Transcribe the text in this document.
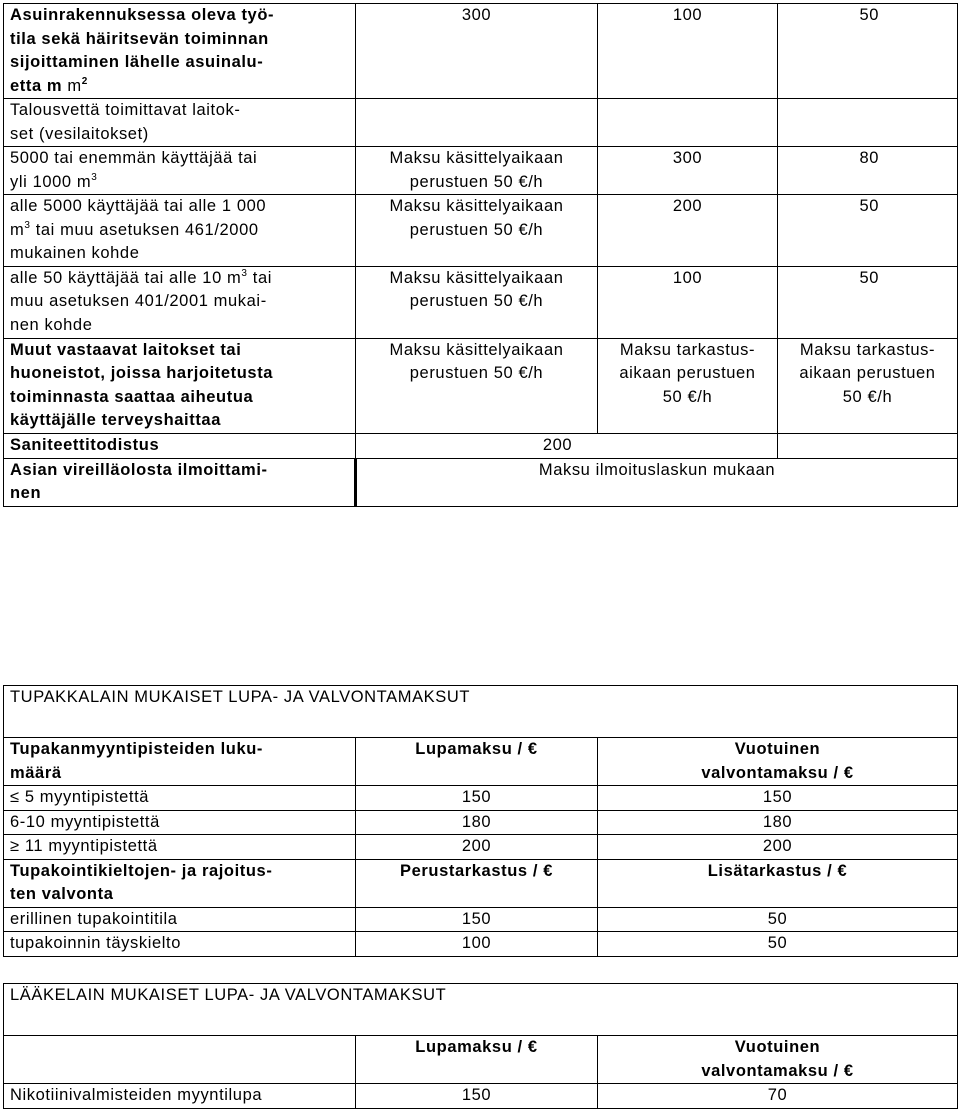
Asuinrakennuksessa oleva työ-
tila sekä häiritsevän toiminnan
sijoittaminen lähelle asuinalu-
etta m $m^2$	300	100	50

Talousvettä toimittavat laitok-
set (vesilaitokset)			

5000 tai enemmän käyttäjää tai
yli 1000 $m^3$	Maksu käsittelyaikaan
perustuen 50 €/h	300	80

alle 5000 käyttäjää tai alle 1 000
$m^3$ tai muu asetuksen 461/2000
mukainen kohde	Maksu käsittelyaikaan
perustuen 50 €/h	200	50
alle 50 käyttäjää tai alle 10 $m^3$ tai
muu asetuksen 401/2001 mukai-
nen kohde	Maksu käsittelyaikaan
perustuen 50 €/h	100	50

Muut vastaavat laitokset tai
huoneistot, joissa harjoitetusta
toiminnasta saattaa aiheutua
käyttäjälle terveyshaittaa	Maksu käsittelyaikaan
perustuen 50 €/h	Maksu tarkastus-
aikaan perustuen
50 €/h	Maksu tarkastus-
aikaan perustuen
50 €/h

Saniteettitodistus	200		

Asian vireilläolosta ilmoittami-
nen	Maksu ilmoituslaskun mukaan		
TUPAKKALAIN MUKAISET LUPA- JA VALVONTAMAKSUT		

Tupakanmyyntipisteiden luku-
määrä	Lupamaksu / €	Vuotuinen
valvontamaksu / €

≤ 5 myyntipistettä	150	150
6-10 myyntipistettä	180	180
≥ 11 myyntipistettä	200	200

Tupakointikieltojen- ja rajoitus-
ten valvonta	Perustarkastus / €	Lisätarkastus / €
erillinen tupakointitila	150	50
tupakoinnin täyskielto	100	50
LÄÄKELAIN MUKAISET LUPA- JA VALVONTAMAKSUT		
	Lupamaksu / €	Vuotuinen
valvontamaksu / €

Nikotiinivalmisteiden myyntilupa	150	70
